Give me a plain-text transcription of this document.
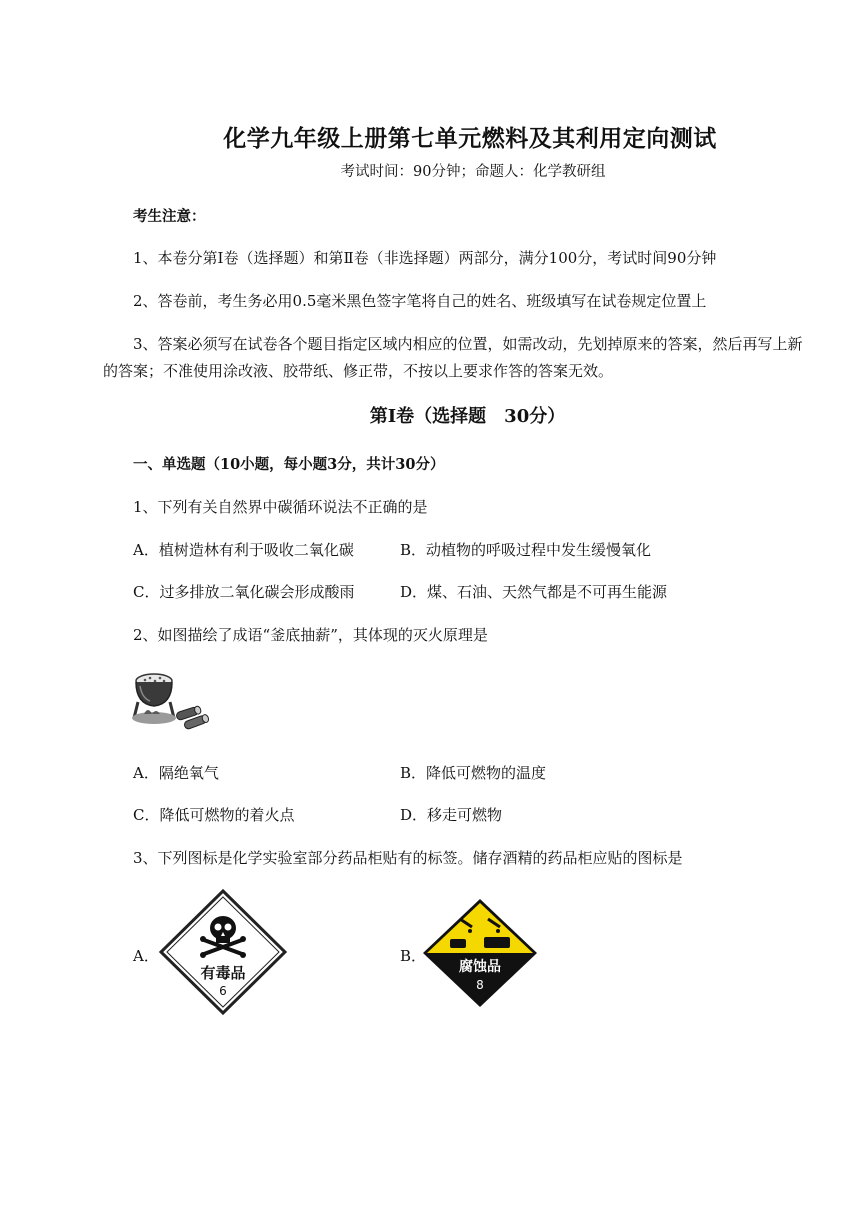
化学九年级上册第七单元燃料及其利用定向测试
考试时间：90分钟；命题人：化学教研组
考生注意：
1、本卷分第Ⅰ卷（选择题）和第Ⅱ卷（非选择题）两部分，满分100分，考试时间90分钟
2、答卷前，考生务必用0.5毫米黑色签字笔将自己的姓名、班级填写在试卷规定位置上
3、答案必须写在试卷各个题目指定区域内相应的位置，如需改动，先划掉原来的答案，然后再写上新的答案；不准使用涂改液、胶带纸、修正带，不按以上要求作答的答案无效。
第Ⅰ卷（选择题　30分）
一、单选题（10小题，每小题3分，共计30分）
1、下列有关自然界中碳循环说法不正确的是
A．植树造林有利于吸收二氧化碳	B．动植物的呼吸过程中发生缓慢氧化
C．过多排放二氧化碳会形成酸雨	D．煤、石油、天然气都是不可再生能源
2、如图描绘了成语“釜底抽薪”，其体现的灭火原理是
A．隔绝氧气	B．降低可燃物的温度
C．降低可燃物的着火点	D．移走可燃物
3、下列图标是化学实验室部分药品柜贴有的标签。储存酒精的药品柜应贴的图标是
A．
有毒品
6
B．
腐蚀品
8
